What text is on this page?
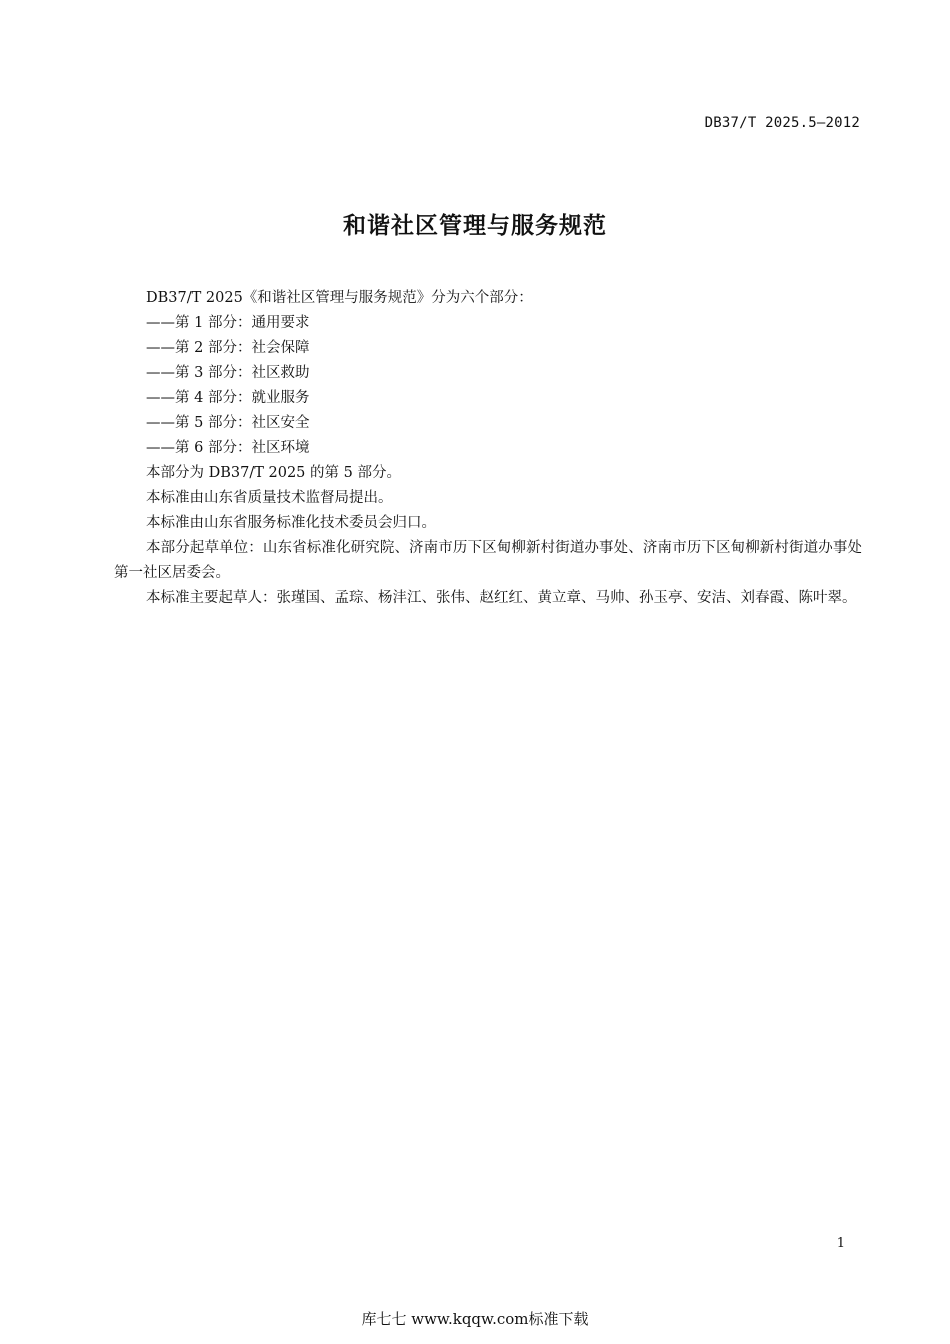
DB37/T 2025.5—2012
和谐社区管理与服务规范

DB37/T 2025《和谐社区管理与服务规范》分为六个部分：

——第 1 部分：通用要求

——第 2 部分：社会保障

——第 3 部分：社区救助

——第 4 部分：就业服务

——第 5 部分：社区安全

——第 6 部分：社区环境

本部分为 DB37/T 2025 的第 5 部分。

本标准由山东省质量技术监督局提出。

本标准由山东省服务标准化技术委员会归口。

本部分起草单位：山东省标准化研究院、济南市历下区甸柳新村街道办事处、济南市历下区甸柳新村街道办事处第一社区居委会。

本标准主要起草人：张瑾国、孟琮、杨沣江、张伟、赵红红、黄立章、马帅、孙玉亭、安洁、刘春霞、陈叶翠。

1
库七七 www.kqqw.com标准下载
